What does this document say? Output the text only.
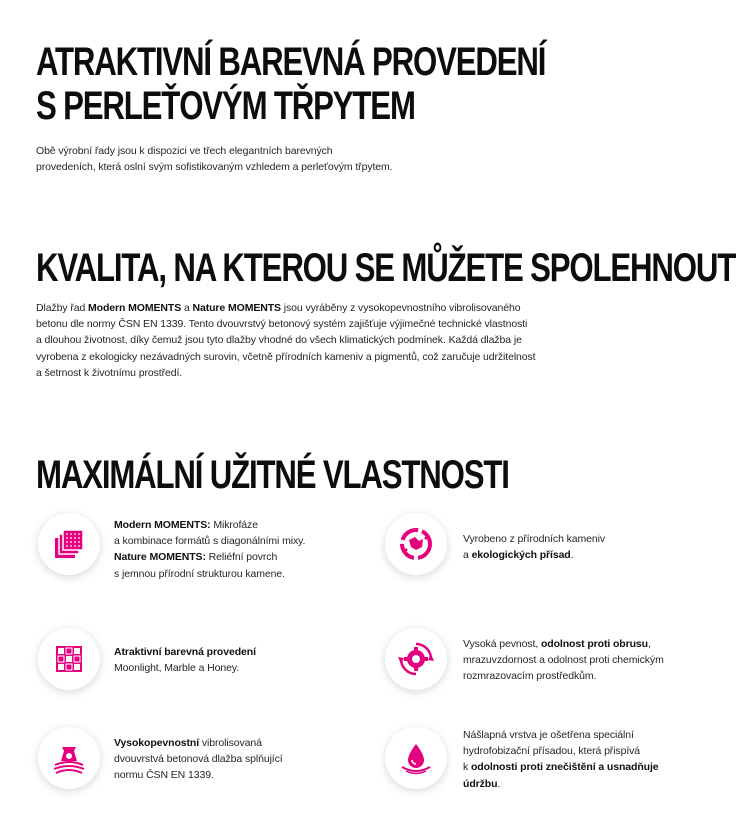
ATRAKTIVNÍ BAREVNÁ PROVEDENÍ
S PERLEŤOVÝM TŘPYTEM

Obě výrobní řady jsou k dispozici ve třech elegantních barevných
provedeních, která oslní svým sofistikovaným vzhledem a perleťovým třpytem.

KVALITA, NA KTEROU SE MŮŽETE SPOLEHNOUT

Dlažby řad Modern MOMENTS a Nature MOMENTS jsou vyráběny z vysokopevnostního vibrolisovaného
betonu dle normy ČSN EN 1339. Tento dvouvrstvý betonový systém zajišťuje výjimečné technické vlastnosti
a dlouhou životnost, díky čemuž jsou tyto dlažby vhodné do všech klimatických podmínek. Každá dlažba je
vyrobena z ekologicky nezávadných surovin, včetně přírodních kameniv a pigmentů, což zaručuje udržitelnost
a šetrnost k životnímu prostředí.

MAXIMÁLNÍ UŽITNÉ VLASTNOSTI
Modern MOMENTS: Mikrofáze
a kombinace formátů s diagonálními mixy.
Nature MOMENTS: Reliéfní povrch
s jemnou přírodní strukturou kamene.
Vyrobeno z přírodních kameniv
a ekologických přísad.
Atraktivní barevná provedení
Moonlight, Marble a Honey.
Vysoká pevnost, odolnost proti obrusu,
mrazuvzdornost a odolnost proti chemickým
rozmrazovacím prostředkům.
Vysokopevnostní vibrolisovaná
dvouvrstvá betonová dlažba splňující
normu ČSN EN 1339.
Nášlapná vrstva je ošetřena speciální
hydrofobizační přísadou, která přispívá
k odolnosti proti znečištění a usnadňuje
údržbu.
